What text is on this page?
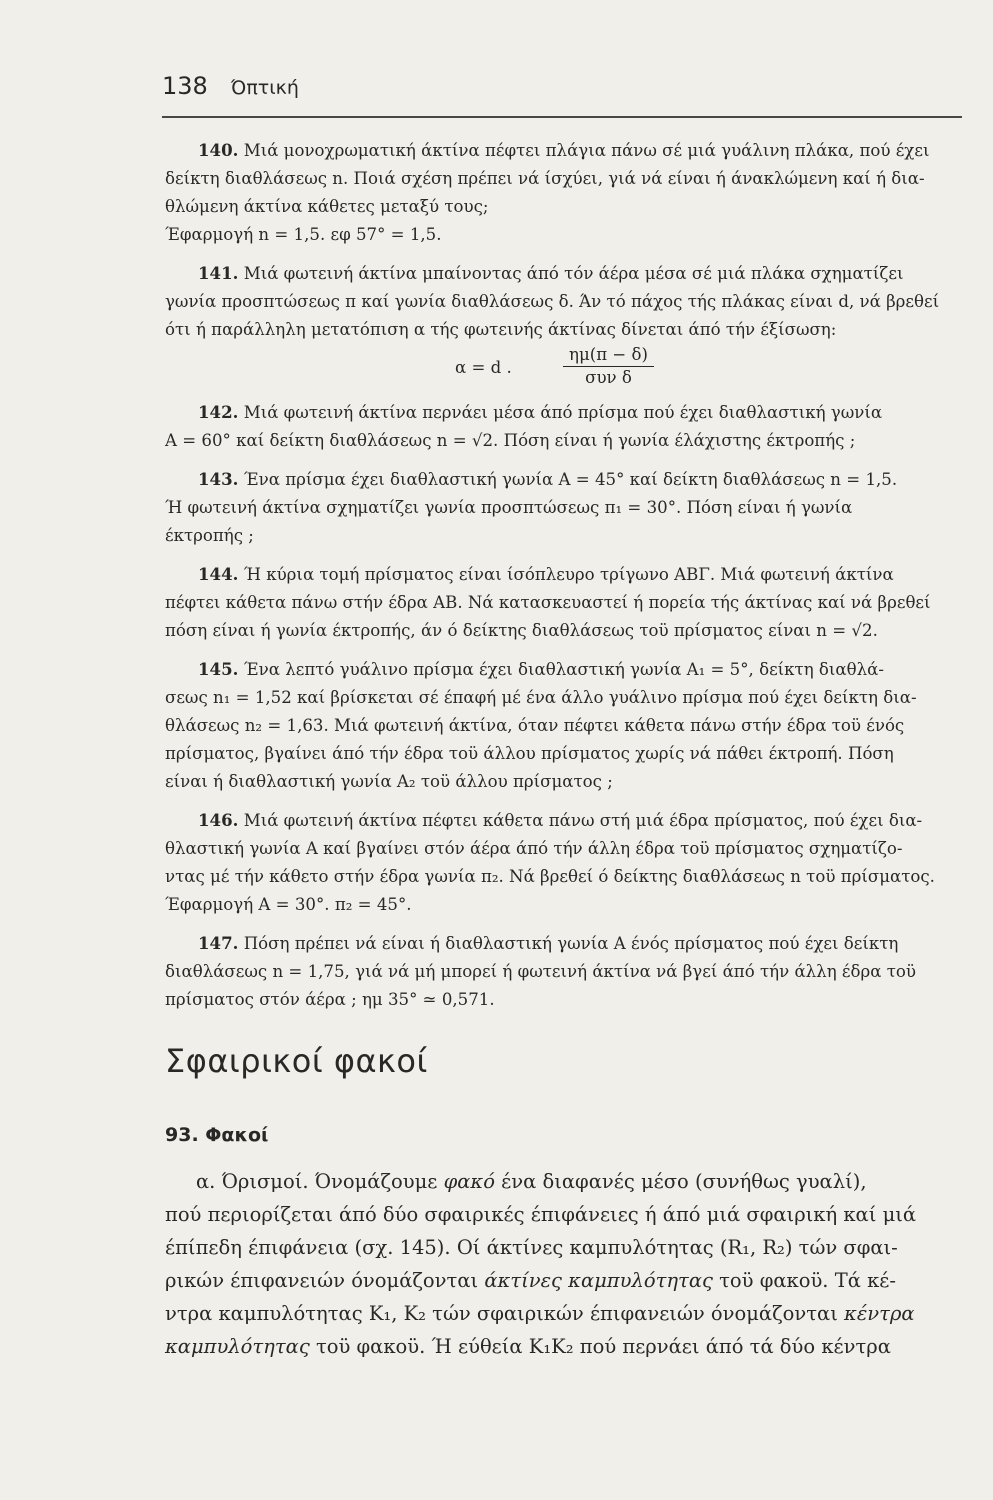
138 Όπτική
140. Μιά μονοχρωματική άκτίνα πέφτει πλάγια πάνω σέ μιά γυάλινη πλάκα, πού έχει
δείκτη διαθλάσεως n. Ποιά σχέση πρέπει νά ίσχύει, γιά νά είναι ή άνακλώμενη καί ή δια-
θλώμενη άκτίνα κάθετες μεταξύ τους;
Έφαρμογή n = 1,5. εφ 57° = 1,5.
141. Μιά φωτεινή άκτίνα μπαίνοντας άπό τόν άέρα μέσα σέ μιά πλάκα σχηματίζει
γωνία προσπτώσεως π καί γωνία διαθλάσεως δ. Άν τό πάχος τής πλάκας είναι d, νά βρεθεί
ότι ή παράλληλη μετατόπιση α τής φωτεινής άκτίνας δίνεται άπό τήν έξίσωση:
α = d .
ημ(π − δ)
συν δ
142. Μιά φωτεινή άκτίνα περνάει μέσα άπό πρίσμα πού έχει διαθλαστική γωνία
Α = 60° καί δείκτη διαθλάσεως n = √2. Πόση είναι ή γωνία έλάχιστης έκτροπής ;
143. Ένα πρίσμα έχει διαθλαστική γωνία Α = 45° καί δείκτη διαθλάσεως n = 1,5.
Ή φωτεινή άκτίνα σχηματίζει γωνία προσπτώσεως π₁ = 30°. Πόση είναι ή γωνία
έκτροπής ;
144. Ή κύρια τομή πρίσματος είναι ίσόπλευρο τρίγωνο ΑΒΓ. Μιά φωτεινή άκτίνα
πέφτει κάθετα πάνω στήν έδρα ΑΒ. Νά κατασκευαστεί ή πορεία τής άκτίνας καί νά βρεθεί
πόση είναι ή γωνία έκτροπής, άν ό δείκτης διαθλάσεως τοϋ πρίσματος είναι n = √2.
145. Ένα λεπτό γυάλινο πρίσμα έχει διαθλαστική γωνία Α₁ = 5°, δείκτη διαθλά-
σεως n₁ = 1,52 καί βρίσκεται σέ έπαφή μέ ένα άλλο γυάλινο πρίσμα πού έχει δείκτη δια-
θλάσεως n₂ = 1,63. Μιά φωτεινή άκτίνα, όταν πέφτει κάθετα πάνω στήν έδρα τοϋ ένός
πρίσματος, βγαίνει άπό τήν έδρα τοϋ άλλου πρίσματος χωρίς νά πάθει έκτροπή. Πόση
είναι ή διαθλαστική γωνία Α₂ τοϋ άλλου πρίσματος ;
146. Μιά φωτεινή άκτίνα πέφτει κάθετα πάνω στή μιά έδρα πρίσματος, πού έχει δια-
θλαστική γωνία Α καί βγαίνει στόν άέρα άπό τήν άλλη έδρα τοϋ πρίσματος σχηματίζο-
ντας μέ τήν κάθετο στήν έδρα γωνία π₂. Νά βρεθεί ό δείκτης διαθλάσεως n τοϋ πρίσματος.
Έφαρμογή Α = 30°. π₂ = 45°.
147. Πόση πρέπει νά είναι ή διαθλαστική γωνία Α ένός πρίσματος πού έχει δείκτη
διαθλάσεως n = 1,75, γιά νά μή μπορεί ή φωτεινή άκτίνα νά βγεί άπό τήν άλλη έδρα τοϋ
πρίσματος στόν άέρα ; ημ 35° ≃ 0,571.
Σφαιρικοί φακοί
93. Φακοί
α. Όρισμοί. Όνομάζουμε φακό ένα διαφανές μέσο (συνήθως γυαλί),
πού περιορίζεται άπό δύο σφαιρικές έπιφάνειες ή άπό μιά σφαιρική καί μιά
έπίπεδη έπιφάνεια (σχ. 145). Οί άκτίνες καμπυλότητας (R₁, R₂) τών σφαι-
ρικών έπιφανειών όνομάζονται άκτίνες καμπυλότητας τοϋ φακοϋ. Τά κέ-
ντρα καμπυλότητας Κ₁, Κ₂ τών σφαιρικών έπιφανειών όνομάζονται κέντρα
καμπυλότητας τοϋ φακοϋ. Ή εύθεία Κ₁Κ₂ πού περνάει άπό τά δύο κέντρα
